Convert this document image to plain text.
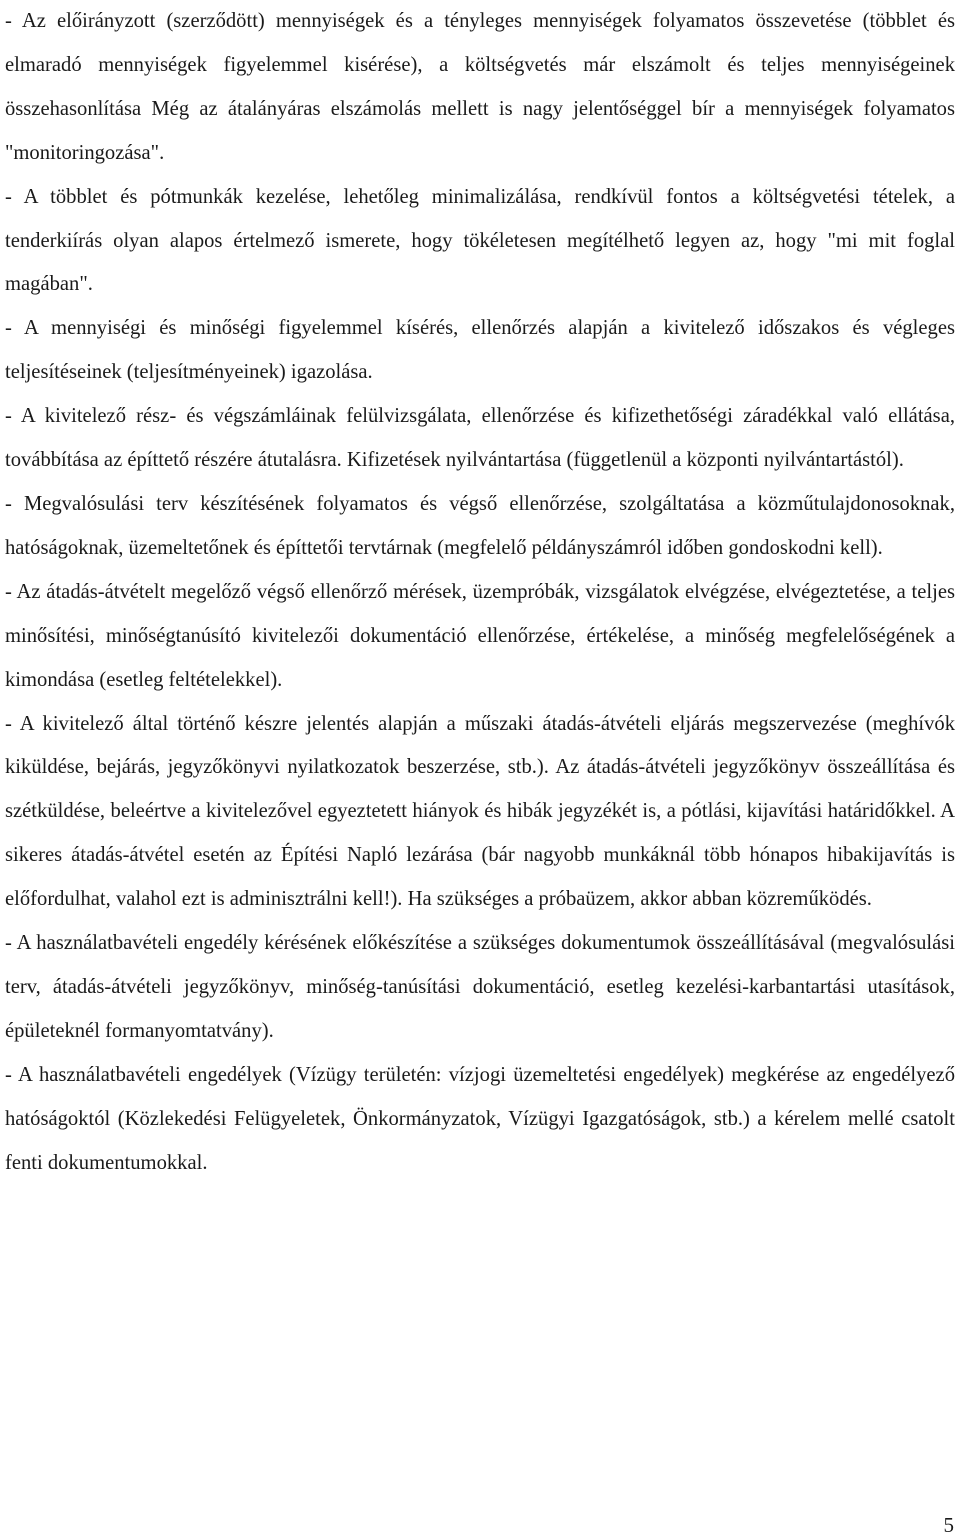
- Az előirányzott (szerződött) mennyiségek és a tényleges mennyiségek folyamatos összevetése (többlet és elmaradó mennyiségek figyelemmel kisérése), a költségvetés már elszámolt és teljes mennyiségeinek összehasonlítása Még az átalányáras elszámolás mellett is nagy jelentőséggel bír a mennyiségek folyamatos "monitoringozása".

- A többlet és pótmunkák kezelése, lehetőleg minimalizálása, rendkívül fontos a költségvetési tételek, a tenderkiírás olyan alapos értelmező ismerete, hogy tökéletesen megítélhető legyen az, hogy "mi mit foglal magában".

- A mennyiségi és minőségi figyelemmel kísérés, ellenőrzés alapján a kivitelező időszakos és végleges teljesítéseinek (teljesítményeinek) igazolása.

- A kivitelező rész- és végszámláinak felülvizsgálata, ellenőrzése és kifizethetőségi záradékkal való ellátása, továbbítása az építtető részére átutalásra. Kifizetések nyilvántartása (függetlenül a központi nyilvántartástól).

- Megvalósulási terv készítésének folyamatos és végső ellenőrzése, szolgáltatása a közműtulajdonosoknak, hatóságoknak, üzemeltetőnek és építtetői tervtárnak (megfelelő példányszámról időben gondoskodni kell).

- Az átadás-átvételt megelőző végső ellenőrző mérések, üzempróbák, vizsgálatok elvégzése, elvégeztetése, a teljes minősítési, minőségtanúsító kivitelezői dokumentáció ellenőrzése, értékelése, a minőség megfelelőségének a kimondása (esetleg feltételekkel).

- A kivitelező által történő készre jelentés alapján a műszaki átadás-átvételi eljárás megszervezése (meghívók kiküldése, bejárás, jegyzőkönyvi nyilatkozatok beszerzése, stb.). Az átadás-átvételi jegyzőkönyv összeállítása és szétküldése, beleértve a kivitelezővel egyeztetett hiányok és hibák jegyzékét is, a pótlási, kijavítási határidőkkel. A sikeres átadás-átvétel esetén az Építési Napló lezárása (bár nagyobb munkáknál több hónapos hibakijavítás is előfordulhat, valahol ezt is adminisztrálni kell!). Ha szükséges a próbaüzem, akkor abban közreműködés.

- A használatbavételi engedély kérésének előkészítése a szükséges dokumentumok összeállításával (megvalósulási terv, átadás-átvételi jegyzőkönyv, minőség-tanúsítási dokumentáció, esetleg kezelési-karbantartási utasítások, épületeknél formanyomtatvány).

- A használatbavételi engedélyek (Vízügy területén: vízjogi üzemeltetési engedélyek) megkérése az engedélyező hatóságoktól (Közlekedési Felügyeletek, Önkormányzatok, Vízügyi Igazgatóságok, stb.) a kérelem mellé csatolt fenti dokumentumokkal.

5
